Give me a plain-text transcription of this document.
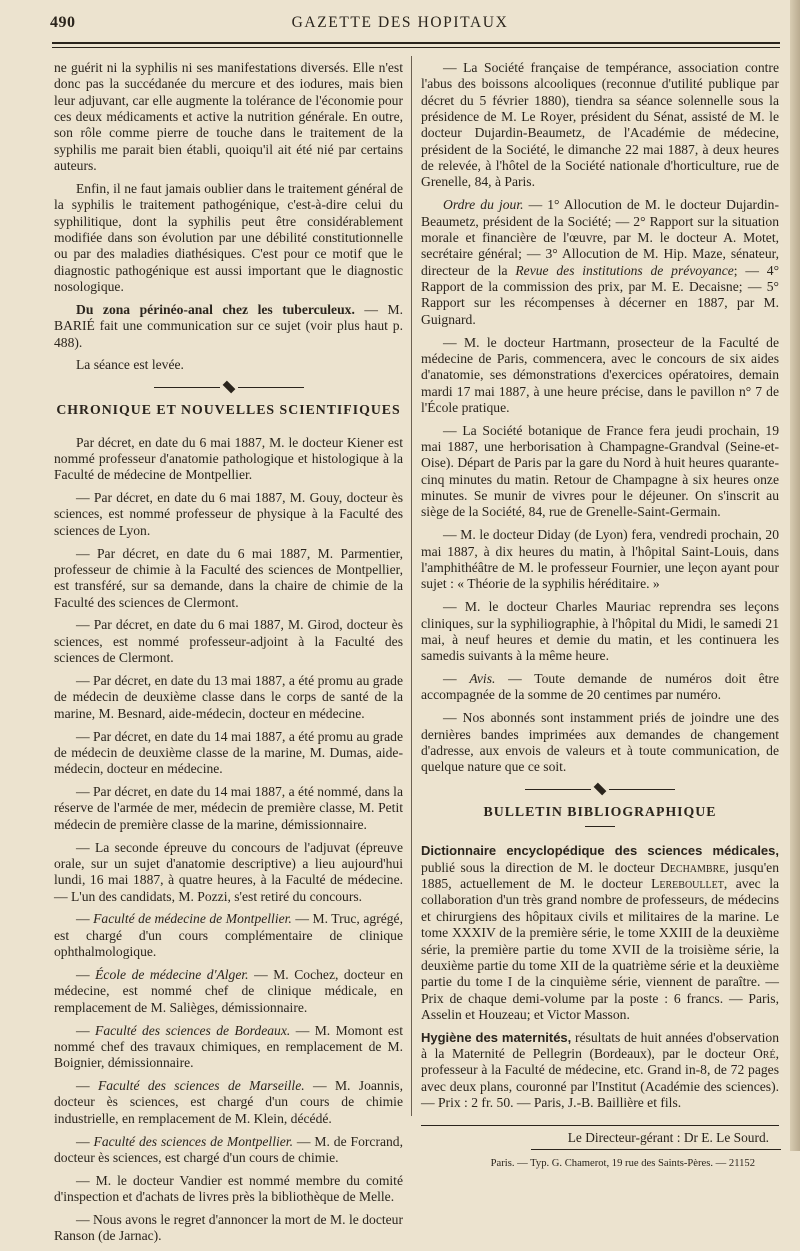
490	GAZETTE DES HOPITAUX

ne guérit ni la syphilis ni ses manifestations diversés. Elle n'est donc pas la succédanée du mercure et des iodures, mais bien leur adjuvant, car elle augmente la tolérance de l'économie pour ces deux médicaments et active la nutrition générale. En outre, son rôle comme pierre de touche dans le traitement de la syphilis me parait bien établi, quoiqu'il ait été nié par certains auteurs.

Enfin, il ne faut jamais oublier dans le traitement général de la syphilis le traitement pathogénique, c'est-à-dire celui du syphilitique, dont la syphilis peut être considérablement modifiée dans son évolution par une débilité constitutionnelle ou par des maladies diathésiques. C'est pour ce motif que le diagnostic pathogénique est aussi important que le diagnostic nosologique.

Du zona périnéo-anal chez les tuberculeux. — M. BARIÉ fait une communication sur ce sujet (voir plus haut p. 488).

La séance est levée.

CHRONIQUE ET NOUVELLES SCIENTIFIQUES

Par décret, en date du 6 mai 1887, M. le docteur Kiener est nommé professeur d'anatomie pathologique et histologique à la Faculté de médecine de Montpellier.

— Par décret, en date du 6 mai 1887, M. Gouy, docteur ès sciences, est nommé professeur de physique à la Faculté des sciences de Lyon.

— Par décret, en date du 6 mai 1887, M. Parmentier, professeur de chimie à la Faculté des sciences de Montpellier, est transféré, sur sa demande, dans la chaire de chimie de la Faculté des sciences de Clermont.

— Par décret, en date du 6 mai 1887, M. Girod, docteur ès sciences, est nommé professeur-adjoint à la Faculté des sciences de Clermont.

— Par décret, en date du 13 mai 1887, a été promu au grade de médecin de deuxième classe dans le corps de santé de la marine, M. Besnard, aide-médecin, docteur en médecine.

— Par décret, en date du 14 mai 1887, a été promu au grade de médecin de deuxième classe de la marine, M. Dumas, aide-médecin, docteur en médecine.

— Par décret, en date du 14 mai 1887, a été nommé, dans la réserve de l'armée de mer, médecin de première classe, M. Petit médecin de première classe de la marine, démissionnaire.

— La seconde épreuve du concours de l'adjuvat (épreuve orale, sur un sujet d'anatomie descriptive) a lieu aujourd'hui lundi, 16 mai 1887, à quatre heures, à la Faculté de médecine. — L'un des candidats, M. Pozzi, s'est retiré du concours.

— Faculté de médecine de Montpellier. — M. Truc, agrégé, est chargé d'un cours complémentaire de clinique ophthalmologique.

— École de médecine d'Alger. — M. Cochez, docteur en médecine, est nommé chef de clinique médicale, en remplacement de M. Salièges, démissionnaire.

— Faculté des sciences de Bordeaux. — M. Momont est nommé chef des travaux chimiques, en remplacement de M. Boignier, démissionnaire.

— Faculté des sciences de Marseille. — M. Joannis, docteur ès sciences, est chargé d'un cours de chimie industrielle, en remplacement de M. Klein, décédé.

— Faculté des sciences de Montpellier. — M. de Forcrand, docteur ès sciences, est chargé d'un cours de chimie.

— M. le docteur Vandier est nommé membre du comité d'inspection et d'achats de livres près la bibliothèque de Melle.

— Nous avons le regret d'annoncer la mort de M. le docteur Ranson (de Jarnac).

— La Société française de tempérance, association contre l'abus des boissons alcooliques (reconnue d'utilité publique par décret du 5 février 1880), tiendra sa séance solennelle sous la présidence de M. Le Royer, président du Sénat, assisté de M. le docteur Dujardin-Beaumetz, de l'Académie de médecine, président de la Société, le dimanche 22 mai 1887, à deux heures de relevée, à l'hôtel de la Société nationale d'horticulture, rue de Grenelle, 84, à Paris.

Ordre du jour. — 1° Allocution de M. le docteur Dujardin-Beaumetz, président de la Société; — 2° Rapport sur la situation morale et financière de l'œuvre, par M. le docteur A. Motet, secrétaire général; — 3° Allocution de M. Hip. Maze, sénateur, directeur de la Revue des institutions de prévoyance; — 4° Rapport de la commission des prix, par M. E. Decaisne; — 5° Rapport sur les récompenses à décerner en 1887, par M. Guignard.

— M. le docteur Hartmann, prosecteur de la Faculté de médecine de Paris, commencera, avec le concours de six aides d'anatomie, ses démonstrations d'exercices opératoires, demain mardi 17 mai 1887, à une heure précise, dans le pavillon n° 7 de l'École pratique.

— La Société botanique de France fera jeudi prochain, 19 mai 1887, une herborisation à Champagne-Grandval (Seine-et-Oise). Départ de Paris par la gare du Nord à huit heures quarante-cinq minutes du matin. Retour de Champagne à six heures onze minutes. Se munir de vivres pour le déjeuner. On s'inscrit au siège de la Société, 84, rue de Grenelle-Saint-Germain.

— M. le docteur Diday (de Lyon) fera, vendredi prochain, 20 mai 1887, à dix heures du matin, à l'hôpital Saint-Louis, dans l'amphithéâtre de M. le professeur Fournier, une leçon ayant pour sujet : « Théorie de la syphilis héréditaire. »

— M. le docteur Charles Mauriac reprendra ses leçons cliniques, sur la syphiliographie, à l'hôpital du Midi, le samedi 21 mai, à neuf heures et demie du matin, et les continuera les samedis suivants à la même heure.

— Avis. — Toute demande de numéros doit être accompagnée de la somme de 20 centimes par numéro.

— Nos abonnés sont instamment priés de joindre une des dernières bandes imprimées aux demandes de changement d'adresse, aux envois de valeurs et à toute communication, de quelque nature que ce soit.

BULLETIN BIBLIOGRAPHIQUE

Dictionnaire encyclopédique des sciences médicales, publié sous la direction de M. le docteur Dechambre, jusqu'en 1885, actuellement de M. le docteur Lereboullet, avec la collaboration d'un très grand nombre de professeurs, de médecins et chirurgiens des hôpitaux civils et militaires de la marine. Le tome XXXIV de la première série, le tome XXIII de la deuxième série, la première partie du tome XVII de la troisième série, la deuxième partie du tome XII de la quatrième série et la deuxième partie du tome I de la cinquième série, viennent de paraître. — Prix de chaque demi-volume par la poste : 6 francs. — Paris, Asselin et Houzeau; et Victor Masson.

Hygiène des maternités, résultats de huit années d'observation à la Maternité de Pellegrin (Bordeaux), par le docteur Oré, professeur à la Faculté de médecine, etc. Grand in-8, de 72 pages avec deux plans, couronné par l'Institut (Académie des sciences). — Prix : 2 fr. 50. — Paris, J.-B. Baillière et fils.

Le Directeur-gérant : Dr E. Le Sourd.

Paris. — Typ. G. Chamerot, 19 rue des Saints-Pères. — 21152
